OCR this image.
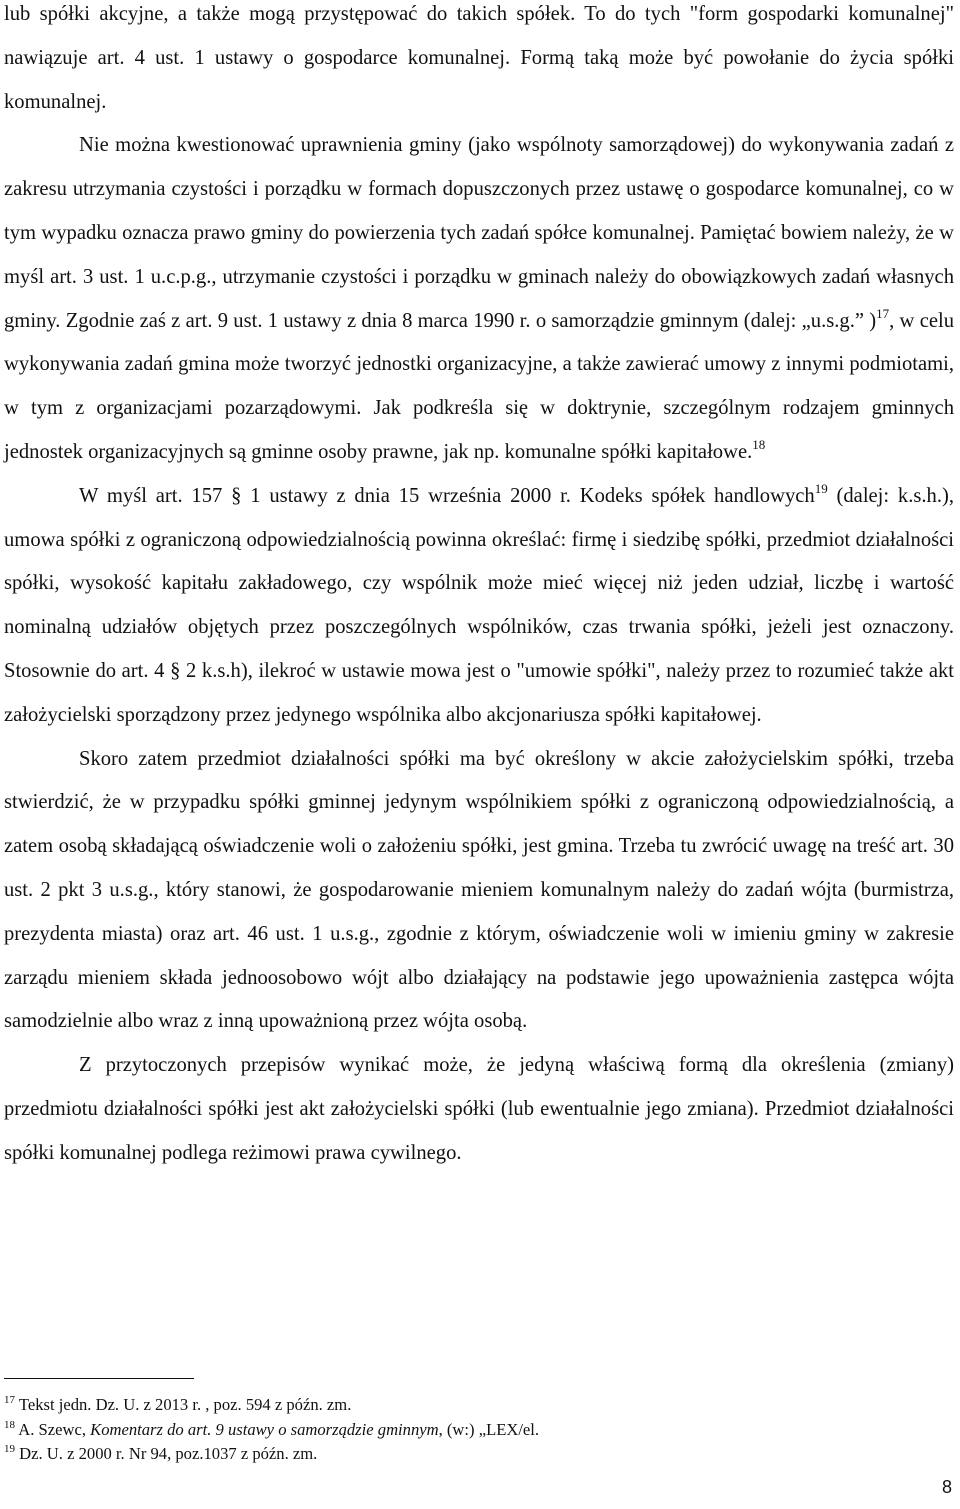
lub spółki akcyjne, a także mogą przystępować do takich spółek. To do tych "form gospodarki komunalnej" nawiązuje art. 4 ust. 1 ustawy o gospodarce komunalnej. Formą taką może być powołanie do życia spółki komunalnej.

Nie można kwestionować uprawnienia gminy (jako wspólnoty samorządowej) do wykonywania zadań z zakresu utrzymania czystości i porządku w formach dopuszczonych przez ustawę o gospodarce komunalnej, co w tym wypadku oznacza prawo gminy do powierzenia tych zadań spółce komunalnej. Pamiętać bowiem należy, że w myśl art. 3 ust. 1 u.c.p.g., utrzymanie czystości i porządku w gminach należy do obowiązkowych zadań własnych gminy. Zgodnie zaś z art. 9 ust. 1 ustawy z dnia 8 marca 1990 r. o samorządzie gminnym (dalej: „u.s.g.” )$^{17}$, w celu wykonywania zadań gmina może tworzyć jednostki organizacyjne, a także zawierać umowy z innymi podmiotami, w tym z organizacjami pozarządowymi. Jak podkreśla się w doktrynie, szczególnym rodzajem gminnych jednostek organizacyjnych są gminne osoby prawne, jak np. komunalne spółki kapitałowe.$^{18}$

W myśl art. 157 § 1 ustawy z dnia 15 września 2000 r. Kodeks spółek handlowych$^{19}$ (dalej: k.s.h.), umowa spółki z ograniczoną odpowiedzialnością powinna określać: firmę i siedzibę spółki, przedmiot działalności spółki, wysokość kapitału zakładowego, czy wspólnik może mieć więcej niż jeden udział, liczbę i wartość nominalną udziałów objętych przez poszczególnych wspólników, czas trwania spółki, jeżeli jest oznaczony. Stosownie do art. 4 § 2 k.s.h), ilekroć w ustawie mowa jest o "umowie spółki", należy przez to rozumieć także akt założycielski sporządzony przez jedynego wspólnika albo akcjonariusza spółki kapitałowej.

Skoro zatem przedmiot działalności spółki ma być określony w akcie założycielskim spółki, trzeba stwierdzić, że w przypadku spółki gminnej jedynym wspólnikiem spółki z ograniczoną odpowiedzialnością, a zatem osobą składającą oświadczenie woli o założeniu spółki, jest gmina. Trzeba tu zwrócić uwagę na treść art. 30 ust. 2 pkt 3 u.s.g., który stanowi, że gospodarowanie mieniem komunalnym należy do zadań wójta (burmistrza, prezydenta miasta) oraz art. 46 ust. 1 u.s.g., zgodnie z którym, oświadczenie woli w imieniu gminy w zakresie zarządu mieniem składa jednoosobowo wójt albo działający na podstawie jego upoważnienia zastępca wójta samodzielnie albo wraz z inną upoważnioną przez wójta osobą.

Z przytoczonych przepisów wynikać może, że jedyną właściwą formą dla określenia (zmiany) przedmiotu działalności spółki jest akt założycielski spółki (lub ewentualnie jego zmiana). Przedmiot działalności spółki komunalnej podlega reżimowi prawa cywilnego.

$^{17}$ Tekst jedn. Dz. U. z 2013 r. , poz. 594 z późn. zm.
$^{18}$ A. Szewc, Komentarz do art. 9 ustawy o samorządzie gminnym, (w:) „LEX/el.
$^{19}$ Dz. U. z 2000 r. Nr 94, poz.1037 z późn. zm.
8
